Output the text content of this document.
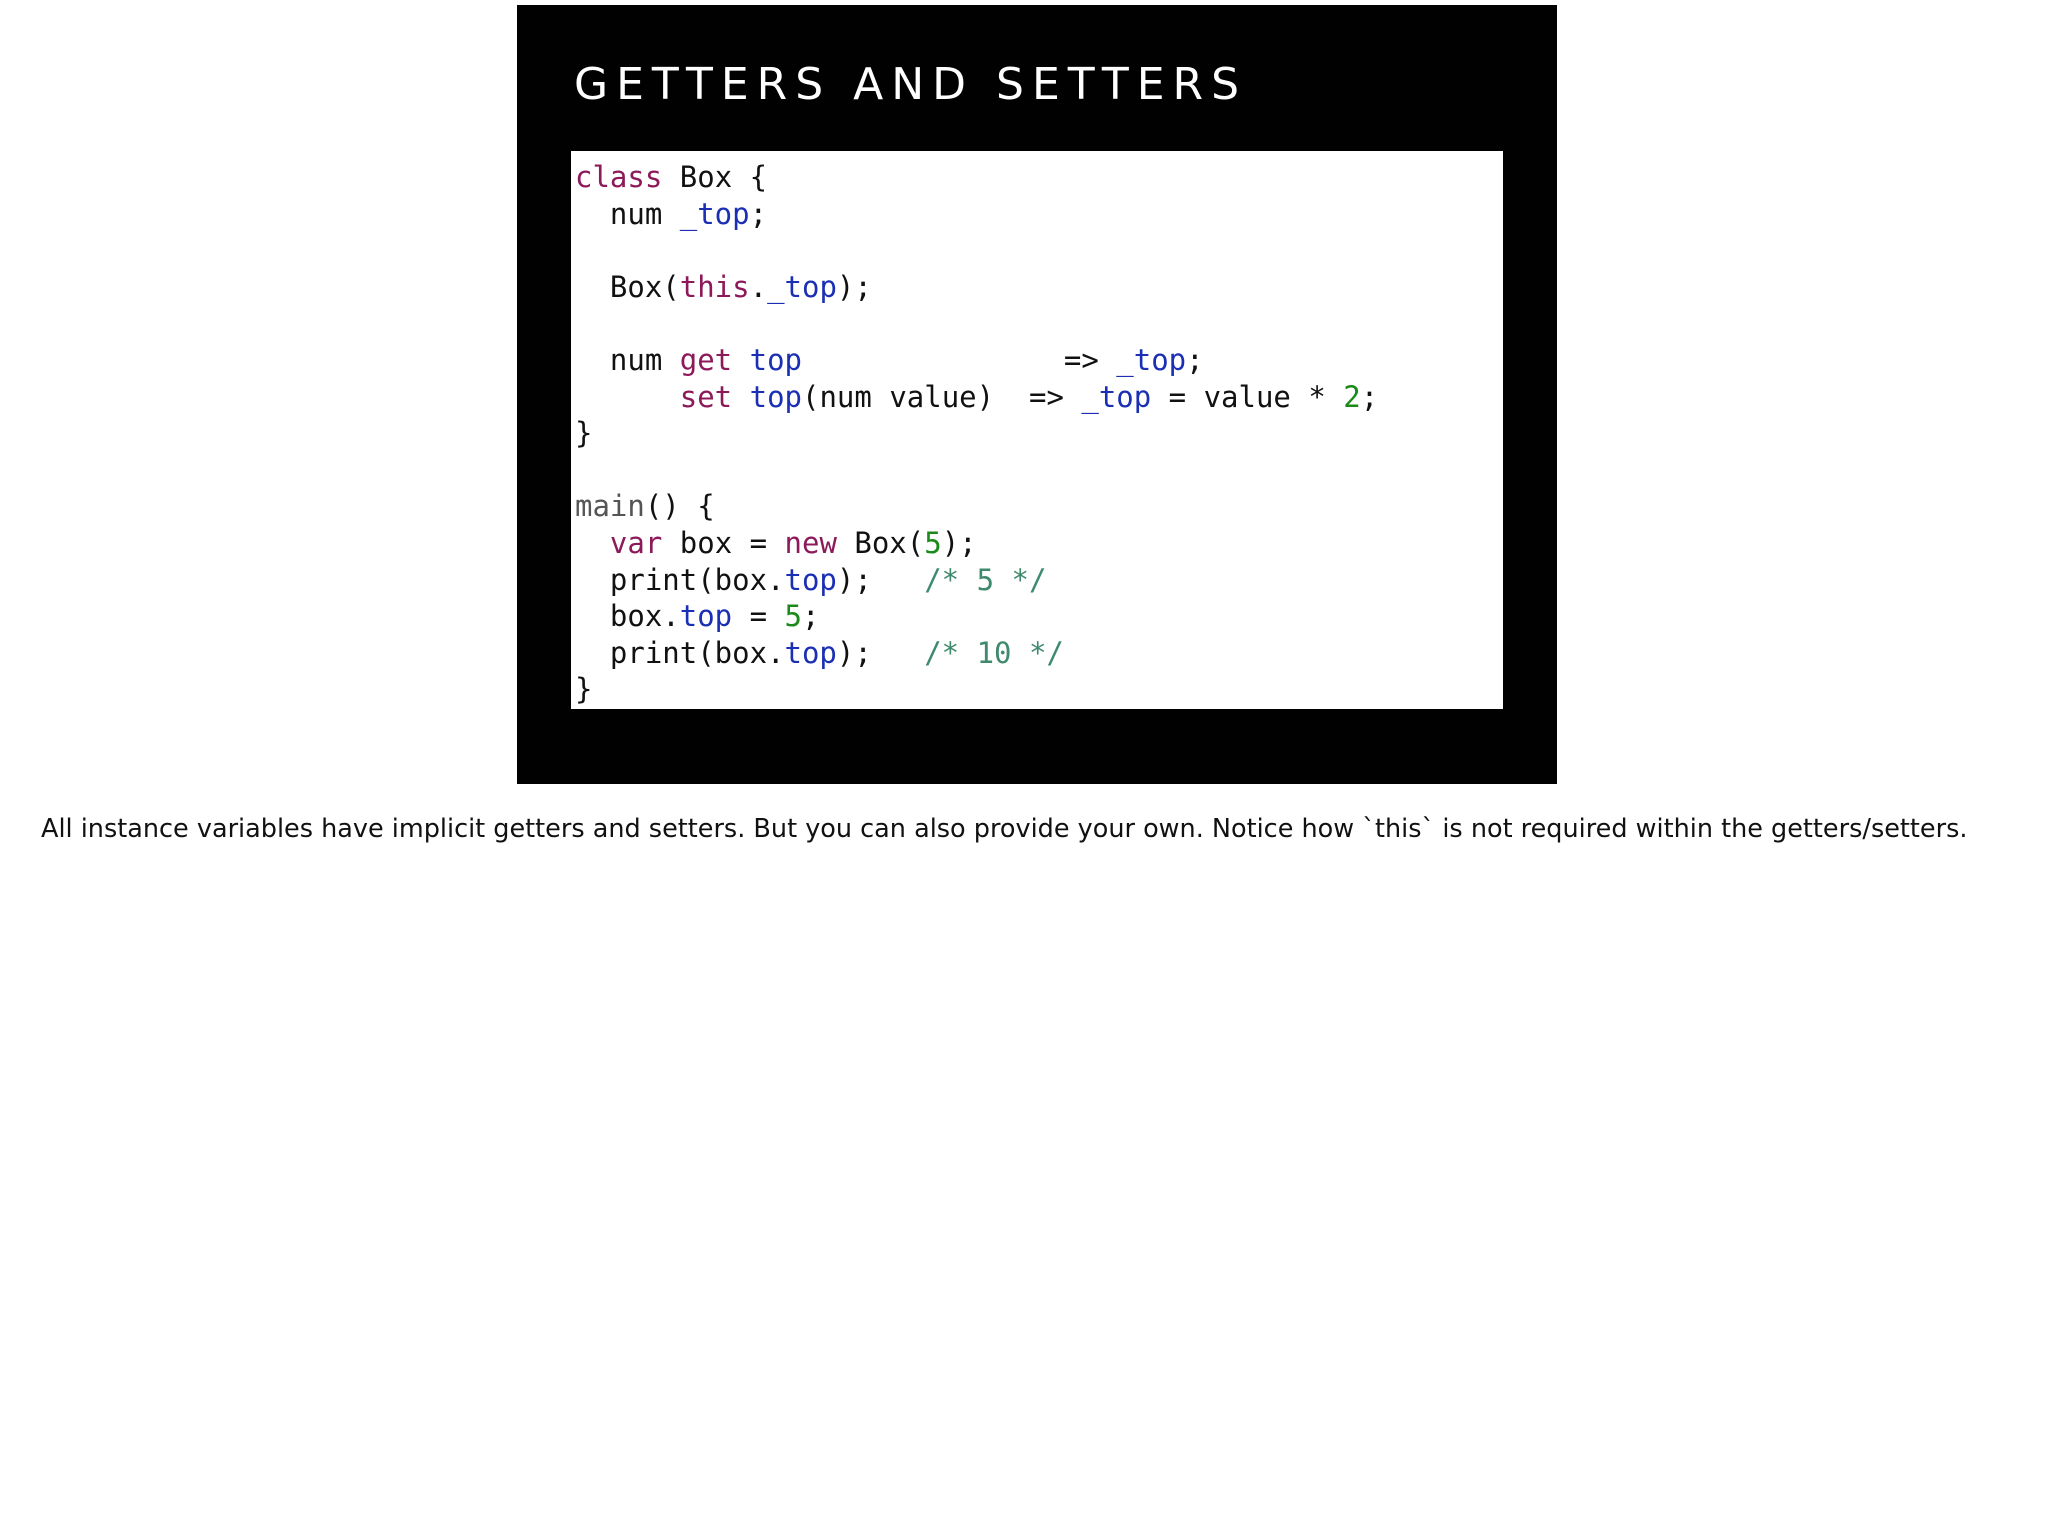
GETTERS AND SETTERS
class Box {
num _top;
Box(this._top);
num get top               => _top;
set top(num value)  => _top = value * 2;
}
main() {
var box = new Box(5);
print(box.top);   /* 5 */
box.top = 5;
print(box.top);   /* 10 */
}

All instance variables have implicit getters and setters. But you can also provide your own. Notice how `this` is not required within the getters/setters.
